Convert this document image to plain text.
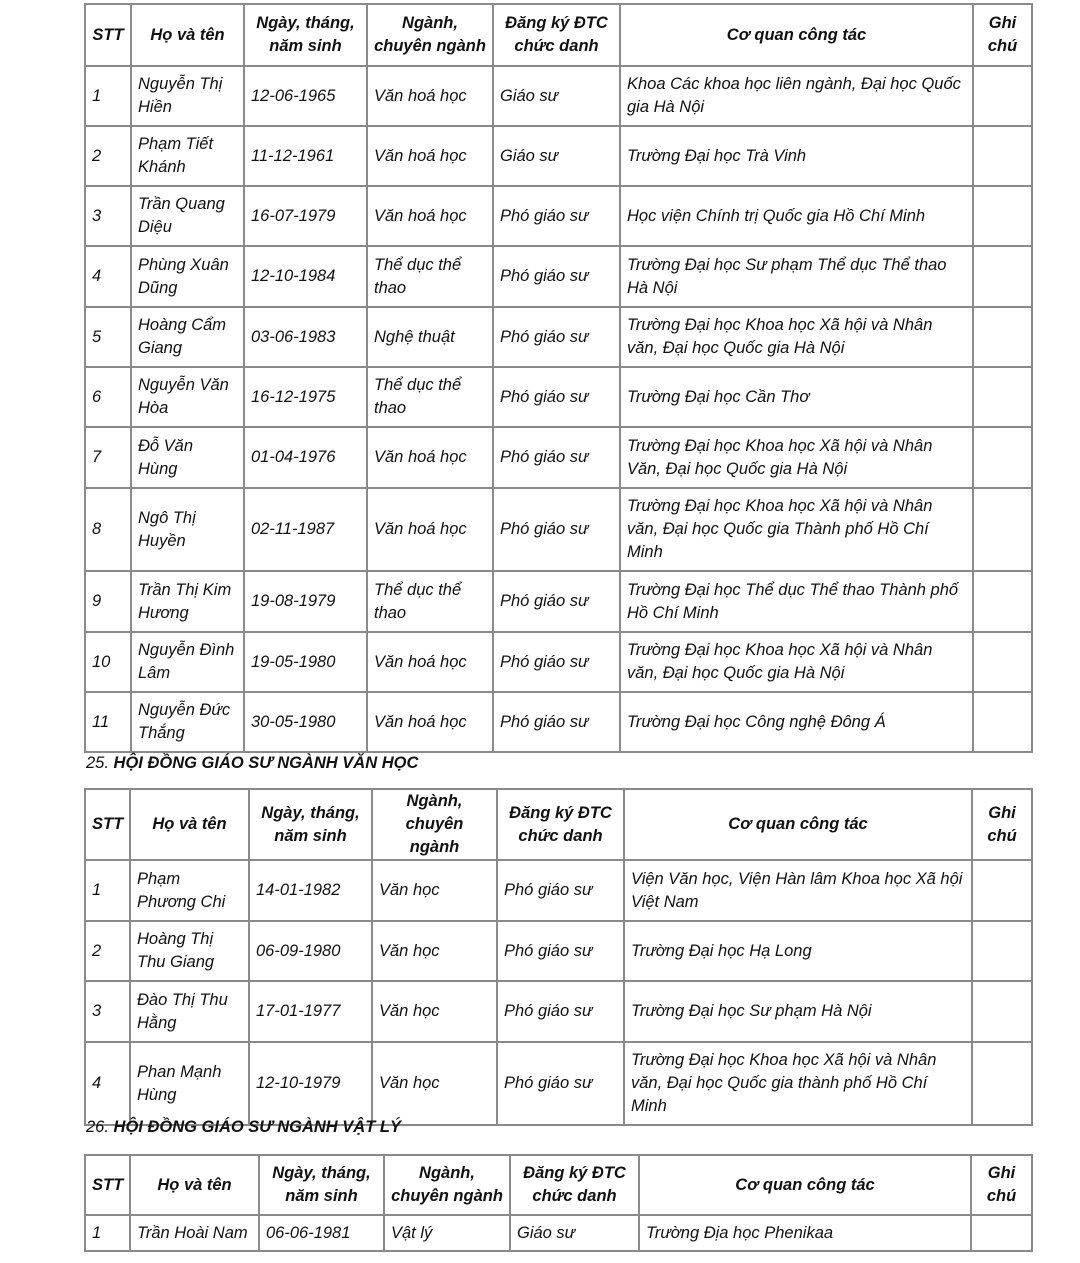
STT	Họ và tên	Ngày, tháng, năm sinh	Ngành, chuyên ngành	Đăng ký ĐTC chức danh	Cơ quan công tác	Ghi chú
1	Nguyễn Thị Hiền	12-06-1965	Văn hoá học	Giáo sư	Khoa Các khoa học liên ngành, Đại học Quốc gia Hà Nội	
2	Phạm Tiết Khánh	11-12-1961	Văn hoá học	Giáo sư	Trường Đại học Trà Vinh	
3	Trần Quang Diệu	16-07-1979	Văn hoá học	Phó giáo sư	Học viện Chính trị Quốc gia Hồ Chí Minh	
4	Phùng Xuân Dũng	12-10-1984	Thể dục thể thao	Phó giáo sư	Trường Đại học Sư phạm Thể dục Thể thao Hà Nội	
5	Hoàng Cẩm Giang	03-06-1983	Nghệ thuật	Phó giáo sư	Trường Đại học Khoa học Xã hội và Nhân văn, Đại học Quốc gia Hà Nội	
6	Nguyễn Văn Hòa	16-12-1975	Thể dục thể thao	Phó giáo sư	Trường Đại học Cần Thơ	
7	Đỗ Văn Hùng	01-04-1976	Văn hoá học	Phó giáo sư	Trường Đại học Khoa học Xã hội và Nhân Văn, Đại học Quốc gia Hà Nội	
8	Ngô Thị Huyền	02-11-1987	Văn hoá học	Phó giáo sư	Trường Đại học Khoa học Xã hội và Nhân văn, Đại học Quốc gia Thành phố Hồ Chí Minh	
9	Trần Thị Kim Hương	19-08-1979	Thể dục thể thao	Phó giáo sư	Trường Đại học Thể dục Thể thao Thành phố Hồ Chí Minh	
10	Nguyễn Đình Lâm	19-05-1980	Văn hoá học	Phó giáo sư	Trường Đại học Khoa học Xã hội và Nhân văn, Đại học Quốc gia Hà Nội	
11	Nguyễn Đức Thắng	30-05-1980	Văn hoá học	Phó giáo sư	Trường Đại học Công nghệ Đông Á	
25. HỘI ĐỒNG GIÁO SƯ NGÀNH VĂN HỌC
STT	Họ và tên	Ngày, tháng, năm sinh	Ngành, chuyên ngành	Đăng ký ĐTC chức danh	Cơ quan công tác	Ghi chú
1	Phạm Phương Chi	14-01-1982	Văn học	Phó giáo sư	Viện Văn học, Viện Hàn lâm Khoa học Xã hội Việt Nam	
2	Hoàng Thị Thu Giang	06-09-1980	Văn học	Phó giáo sư	Trường Đại học Hạ Long	
3	Đào Thị Thu Hằng	17-01-1977	Văn học	Phó giáo sư	Trường Đại học Sư phạm Hà Nội	
4	Phan Mạnh Hùng	12-10-1979	Văn học	Phó giáo sư	Trường Đại học Khoa học Xã hội và Nhân văn, Đại học Quốc gia thành phố Hồ Chí Minh	
26. HỘI ĐỒNG GIÁO SƯ NGÀNH VẬT LÝ
STT	Họ và tên	Ngày, tháng, năm sinh	Ngành, chuyên ngành	Đăng ký ĐTC chức danh	Cơ quan công tác	Ghi chú
1	Trần Hoài Nam	06-06-1981	Vật lý	Giáo sư	Trường Địa học Phenikaa	
